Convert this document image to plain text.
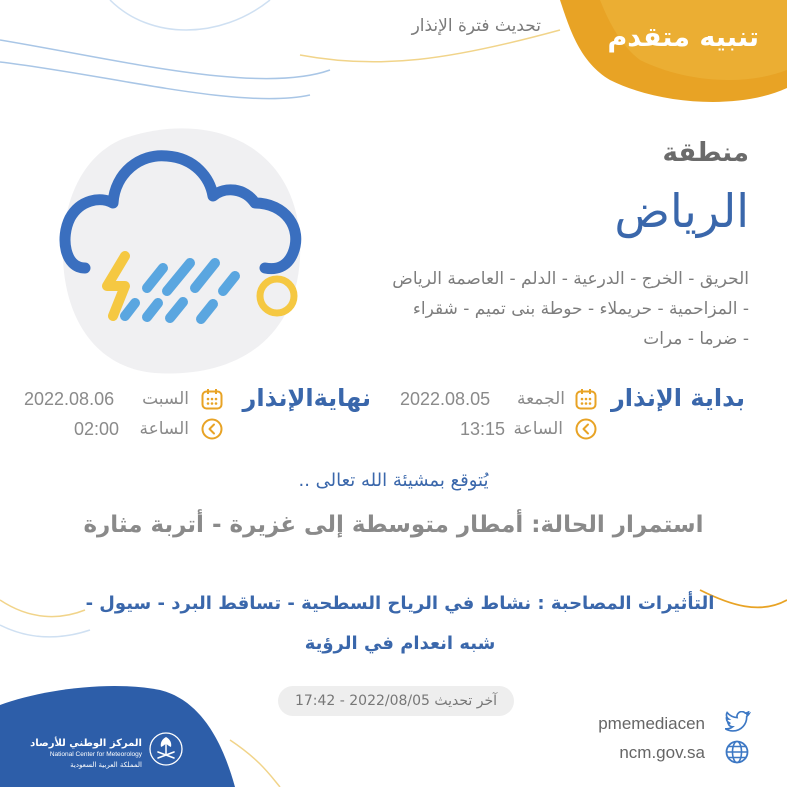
تنبيه متقدم
تحديث فترة الإنذار
منطقة
الرياض
الحريق - الخرج - الدرعية - الدلم - العاصمة الرياض
- المزاحمية - حريملاء - حوطة بنى تميم - شقراء
- ضرما - مرات
بداية الإنذار
الجمعة
2022.08.05
الساعة
13:15
نهايةالإنذار
السبت
2022.08.06
الساعة
02:00
يُتوقع بمشيئة الله تعالى ..
استمرار الحالة: أمطار متوسطة إلى غزيرة - أتربة مثارة
التأثيرات المصاحبة : نشاط في الرياح السطحية - تساقط البرد - سيول -
شبه انعدام في الرؤية
آخر تحديث 2022/08/05 - 17:42
pmemediacen
ncm.gov.sa
المركز الوطني للأرصاد
National Center for Meteorology
المملكة العربية السعودية
